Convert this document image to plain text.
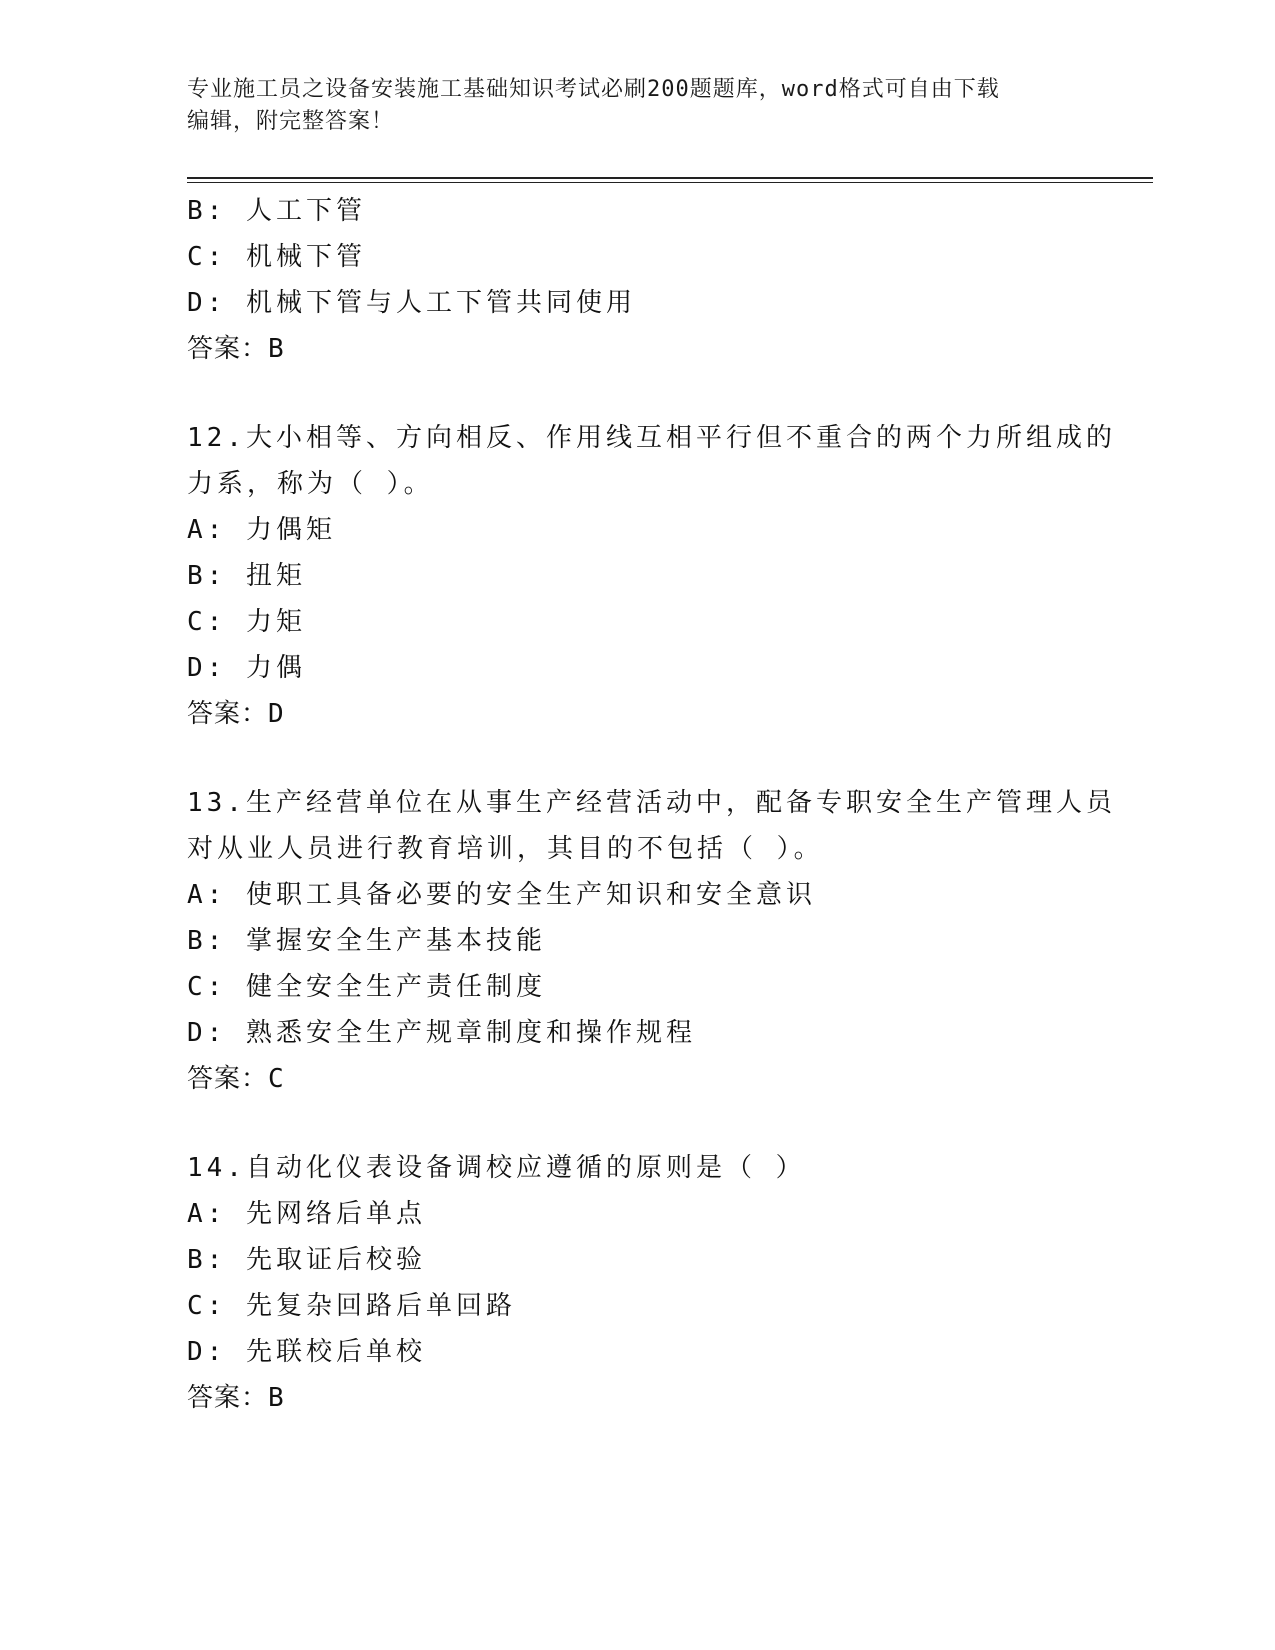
专业施工员之设备安装施工基础知识考试必刷200题题库，word格式可自由下载
编辑，附完整答案！
B: 人工下管
C: 机械下管
D: 机械下管与人工下管共同使用
答案：B
12.大小相等、方向相反、作用线互相平行但不重合的两个力所组成的
力系，称为（ ）。
A: 力偶矩
B: 扭矩
C: 力矩
D: 力偶
答案：D
13.生产经营单位在从事生产经营活动中，配备专职安全生产管理人员
对从业人员进行教育培训，其目的不包括（ ）。
A: 使职工具备必要的安全生产知识和安全意识
B: 掌握安全生产基本技能
C: 健全安全生产责任制度
D: 熟悉安全生产规章制度和操作规程
答案：C
14.自动化仪表设备调校应遵循的原则是（ ）
A: 先网络后单点
B: 先取证后校验
C: 先复杂回路后单回路
D: 先联校后单校
答案：B
